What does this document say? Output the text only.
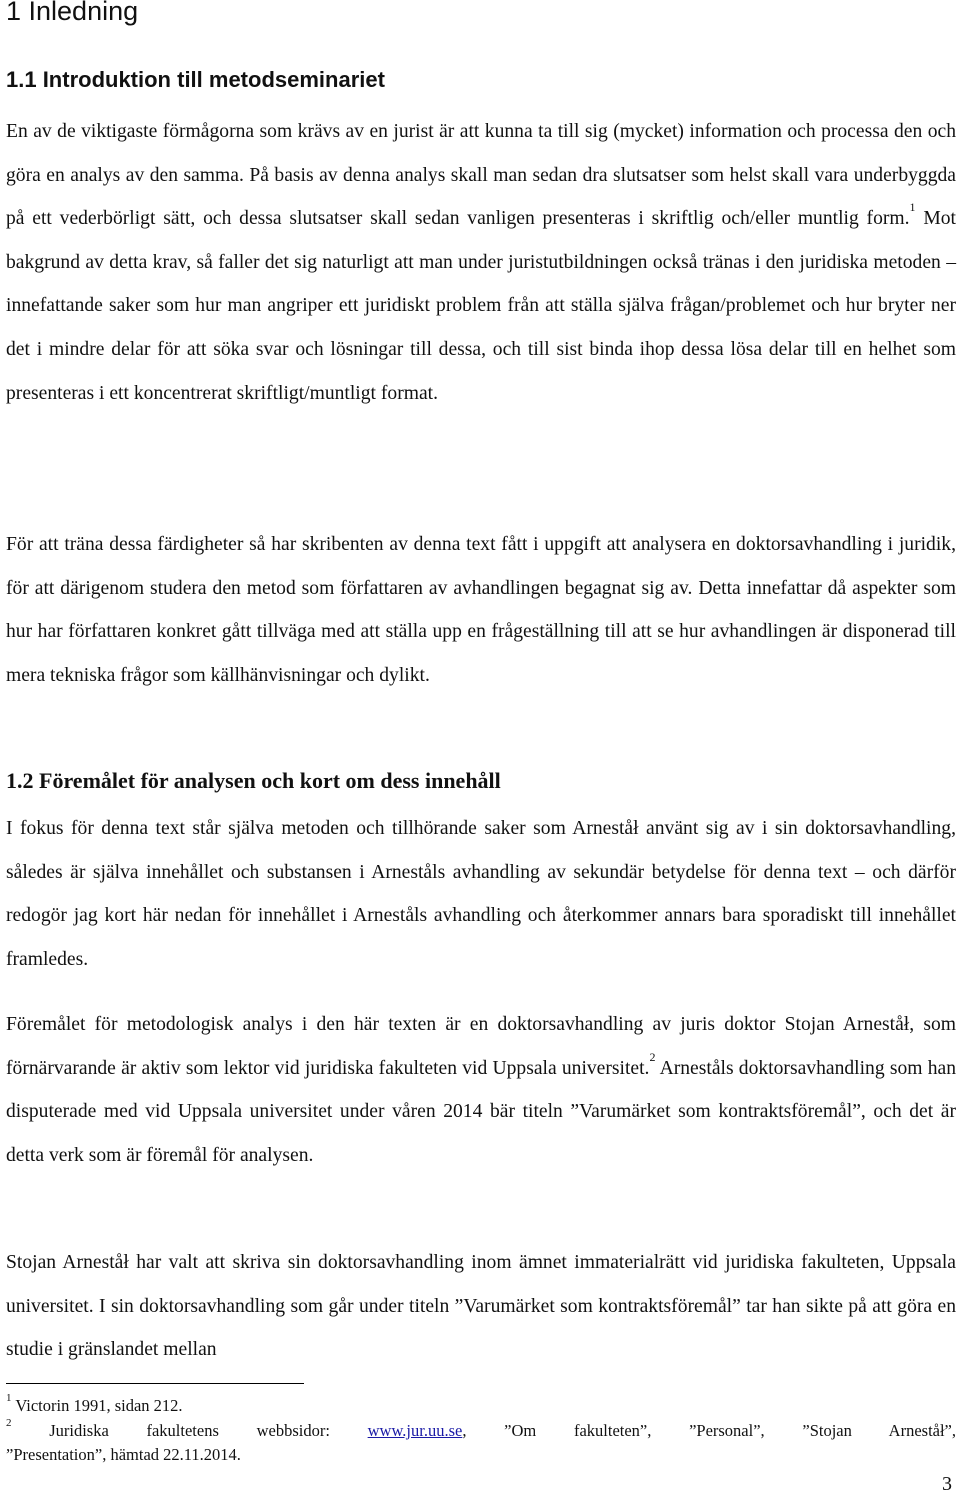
1 Inledning
1.1 Introduktion till metodseminariet

En av de viktigaste förmågorna som krävs av en jurist är att kunna ta till sig (mycket) information och processa den och göra en analys av den samma. På basis av denna analys skall man sedan dra slutsatser som helst skall vara underbyggda på ett vederbörligt sätt, och dessa slutsatser skall sedan vanligen presenteras i skriftlig och/eller muntlig form.$^1$ Mot bakgrund av detta krav, så faller det sig naturligt att man under juristutbildningen också tränas i den juridiska metoden – innefattande saker som hur man angriper ett juridiskt problem från att ställa själva frågan/problemet och hur bryter ner det i mindre delar för att söka svar och lösningar till dessa, och till sist binda ihop dessa lösa delar till en helhet som presenteras i ett koncentrerat skriftligt/muntligt format.

För att träna dessa färdigheter så har skribenten av denna text fått i uppgift att analysera en doktorsavhandling i juridik, för att därigenom studera den metod som författaren av avhandlingen begagnat sig av. Detta innefattar då aspekter som hur har författaren konkret gått tillväga med att ställa upp en frågeställning till att se hur avhandlingen är disponerad till mera tekniska frågor som källhänvisningar och dylikt.

1.2 Föremålet för analysen och kort om dess innehåll

I fokus för denna text står själva metoden och tillhörande saker som Arneståł använt sig av i sin doktorsavhandling, således är själva innehållet och substansen i Arneståls avhandling av sekundär betydelse för denna text – och därför redogör jag kort här nedan för innehållet i Arneståls avhandling och återkommer annars bara sporadiskt till innehållet framledes.

Föremålet för metodologisk analys i den här texten är en doktorsavhandling av juris doktor Stojan Arneståł, som förnärvarande är aktiv som lektor vid juridiska fakulteten vid Uppsala universitet.$^2$ Arneståls doktorsavhandling som han disputerade med vid Uppsala universitet under våren 2014 bär titeln ”Varumärket som kontraktsföremål”, och det är detta verk som är föremål för analysen.

Stojan Arneståł har valt att skriva sin doktorsavhandling inom ämnet immaterialrätt vid juridiska fakulteten, Uppsala universitet. I sin doktorsavhandling som går under titeln ”Varumärket som kontraktsföremål” tar han sikte på att göra en studie i gränslandet mellan

$^1$ Victorin 1991, sidan 212.

$^2$ Juridiska fakultetens webbsidor: www.jur.uu.se, ”Om fakulteten”, ”Personal”, ”Stojan Arneståł”,

”Presentation”, hämtad 22.11.2014.

3
